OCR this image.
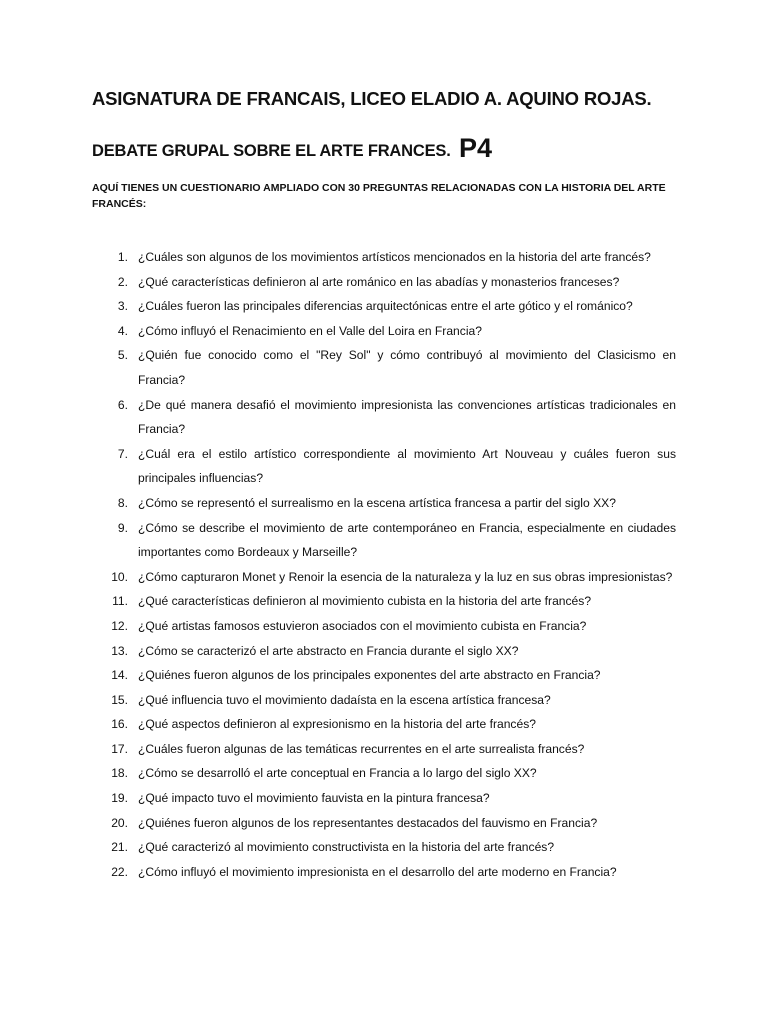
ASIGNATURA DE FRANCAIS, LICEO ELADIO A. AQUINO ROJAS.
DEBATE GRUPAL SOBRE EL ARTE FRANCES. P4
AQUÍ TIENES UN CUESTIONARIO AMPLIADO CON 30 PREGUNTAS RELACIONADAS CON LA HISTORIA DEL ARTE FRANCÉS:
1. ¿Cuáles son algunos de los movimientos artísticos mencionados en la historia del arte francés?
2. ¿Qué características definieron al arte románico en las abadías y monasterios franceses?
3. ¿Cuáles fueron las principales diferencias arquitectónicas entre el arte gótico y el románico?
4. ¿Cómo influyó el Renacimiento en el Valle del Loira en Francia?
5. ¿Quién fue conocido como el "Rey Sol" y cómo contribuyó al movimiento del Clasicismo en Francia?
6. ¿De qué manera desafió el movimiento impresionista las convenciones artísticas tradicionales en Francia?
7. ¿Cuál era el estilo artístico correspondiente al movimiento Art Nouveau y cuáles fueron sus principales influencias?
8. ¿Cómo se representó el surrealismo en la escena artística francesa a partir del siglo XX?
9. ¿Cómo se describe el movimiento de arte contemporáneo en Francia, especialmente en ciudades importantes como Bordeaux y Marseille?
10. ¿Cómo capturaron Monet y Renoir la esencia de la naturaleza y la luz en sus obras impresionistas?
11. ¿Qué características definieron al movimiento cubista en la historia del arte francés?
12. ¿Qué artistas famosos estuvieron asociados con el movimiento cubista en Francia?
13. ¿Cómo se caracterizó el arte abstracto en Francia durante el siglo XX?
14. ¿Quiénes fueron algunos de los principales exponentes del arte abstracto en Francia?
15. ¿Qué influencia tuvo el movimiento dadaísta en la escena artística francesa?
16. ¿Qué aspectos definieron al expresionismo en la historia del arte francés?
17. ¿Cuáles fueron algunas de las temáticas recurrentes en el arte surrealista francés?
18. ¿Cómo se desarrolló el arte conceptual en Francia a lo largo del siglo XX?
19. ¿Qué impacto tuvo el movimiento fauvista en la pintura francesa?
20. ¿Quiénes fueron algunos de los representantes destacados del fauvismo en Francia?
21. ¿Qué caracterizó al movimiento constructivista en la historia del arte francés?
22. ¿Cómo influyó el movimiento impresionista en el desarrollo del arte moderno en Francia?
